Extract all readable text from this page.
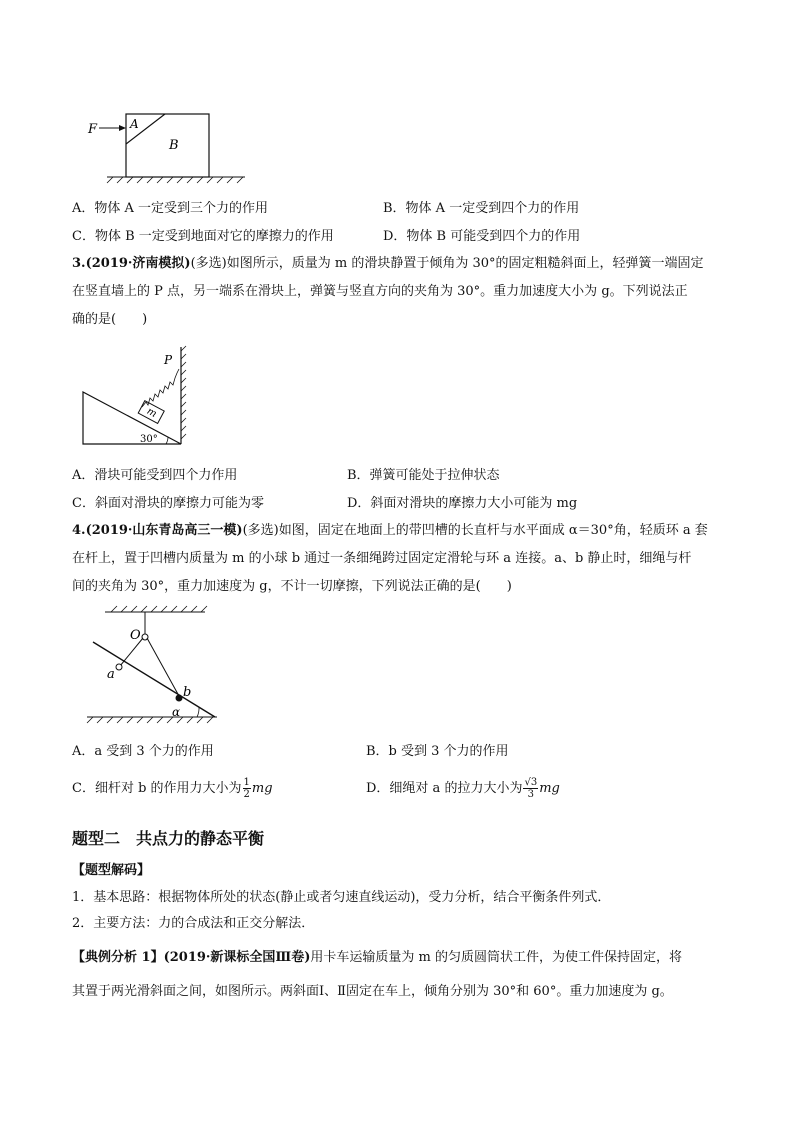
F	A
B
A．物体 A 一定受到三个力的作用	B．物体 A 一定受到四个力的作用
C．物体 B 一定受到地面对它的摩擦力的作用	D．物体 B 可能受到四个力的作用
3.(2019·济南模拟)(多选)如图所示，质量为 m 的滑块静置于倾角为 30°的固定粗糙斜面上，轻弹簧一端固定
在竖直墙上的 P 点，另一端系在滑块上，弹簧与竖直方向的夹角为 30°。重力加速度大小为 g。下列说法正
确的是(　　)
m
P
30°
A．滑块可能受到四个力作用	B．弹簧可能处于拉伸状态
C．斜面对滑块的摩擦力可能为零	D．斜面对滑块的摩擦力大小可能为 mg
4.(2019·山东青岛高三一模)(多选)如图，固定在地面上的带凹槽的长直杆与水平面成 α＝30°角，轻质环 a 套
在杆上，置于凹槽内质量为 m 的小球 b 通过一条细绳跨过固定定滑轮与环 a 连接。a、b 静止时，细绳与杆
间的夹角为 30°，重力加速度为 g，不计一切摩擦，下列说法正确的是(　　)
O
a
b
α
A．a 受到 3 个力的作用	B．b 受到 3 个力的作用
C．细杆对 b 的作用力大小为 $\frac{1}{2}$ mg	D．细绳对 a 的拉力大小为 $\frac{√3}{3}$ mg
题型二　共点力的静态平衡
【题型解码】
1．基本思路：根据物体所处的状态(静止或者匀速直线运动)，受力分析，结合平衡条件列式．
2．主要方法：力的合成法和正交分解法．
【典例分析 1】(2019·新课标全国Ⅲ卷)用卡车运输质量为 m 的匀质圆筒状工件，为使工件保持固定，将
其置于两光滑斜面之间，如图所示。两斜面Ⅰ、Ⅱ固定在车上，倾角分别为 30°和 60°。重力加速度为 g。
